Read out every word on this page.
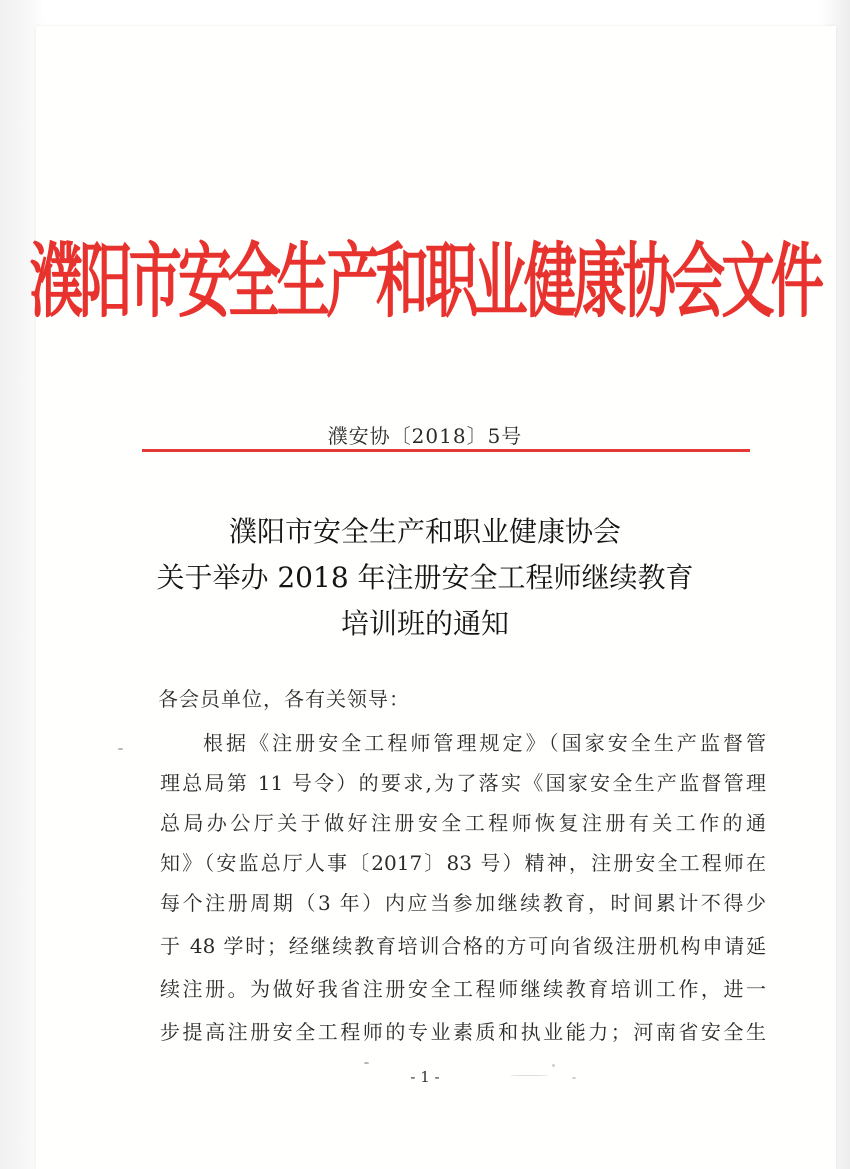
濮阳市安全生产和职业健康协会文件
濮安协〔2018〕5号
濮阳市安全生产和职业健康协会
关于举办 2018 年注册安全工程师继续教育
培训班的通知
各会员单位，各有关领导：
根据《注册安全工程师管理规定》（国家安全生产监督管
理总局第 11 号令）的要求,为了落实《国家安全生产监督管理
总局办公厅关于做好注册安全工程师恢复注册有关工作的通
知》（安监总厅人事〔2017〕83 号）精神，注册安全工程师在
每个注册周期（3 年）内应当参加继续教育，时间累计不得少
于 48 学时；经继续教育培训合格的方可向省级注册机构申请延
续注册。为做好我省注册安全工程师继续教育培训工作，进一
步提高注册安全工程师的专业素质和执业能力；河南省安全生
- 1 -
